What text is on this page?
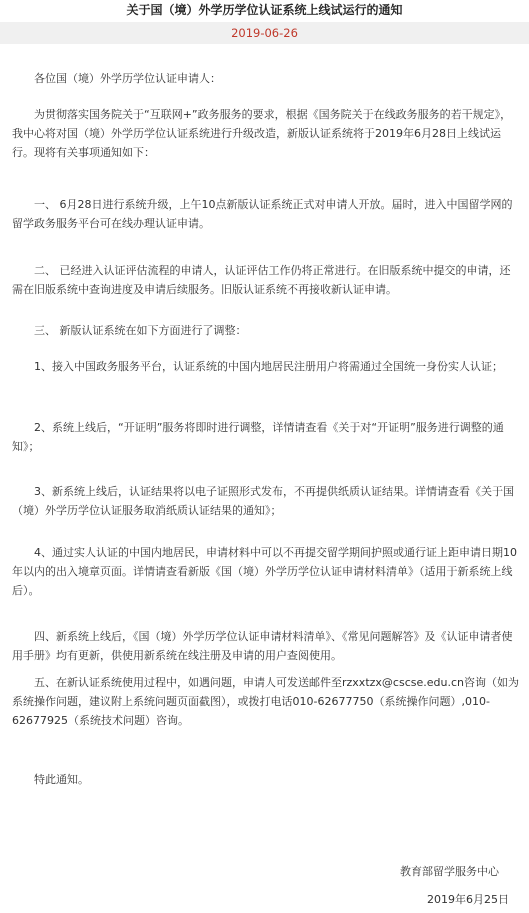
关于国（境）外学历学位认证系统上线试运行的通知
2019-06-26

各位国（境）外学历学位认证申请人：

为贯彻落实国务院关于“互联网+”政务服务的要求，根据《国务院关于在线政务服务的若干规定》，我中心将对国（境）外学历学位认证系统进行升级改造，新版认证系统将于2019年6月28日上线试运行。现将有关事项通知如下：

一、 6月28日进行系统升级，上午10点新版认证系统正式对申请人开放。届时，进入中国留学网的留学政务服务平台可在线办理认证申请。

二、 已经进入认证评估流程的申请人，认证评估工作仍将正常进行。在旧版系统中提交的申请，还需在旧版系统中查询进度及申请后续服务。旧版认证系统不再接收新认证申请。

三、 新版认证系统在如下方面进行了调整：

1、接入中国政务服务平台，认证系统的中国内地居民注册用户将需通过全国统一身份实人认证；

2、系统上线后，“开证明”服务将即时进行调整，详情请查看《关于对“开证明”服务进行调整的通知》；

3、新系统上线后，认证结果将以电子证照形式发布，不再提供纸质认证结果。详情请查看《关于国（境）外学历学位认证服务取消纸质认证结果的通知》；

4、通过实人认证的中国内地居民，申请材料中可以不再提交留学期间护照或通行证上距申请日期10年以内的出入境章页面。详情请查看新版《国（境）外学历学位认证申请材料清单》（适用于新系统上线后）。

四、新系统上线后，《国（境）外学历学位认证申请材料清单》、《常见问题解答》及《认证申请者使用手册》均有更新，供使用新系统在线注册及申请的用户查阅使用。

五、在新认证系统使用过程中，如遇问题，申请人可发送邮件至rzxxtzx@cscse.edu.cn咨询（如为系统操作问题，建议附上系统问题页面截图），或拨打电话010-62677750（系统操作问题）,010-62677925（系统技术问题）咨询。

特此通知。

教育部留学服务中心
2019年6月25日
